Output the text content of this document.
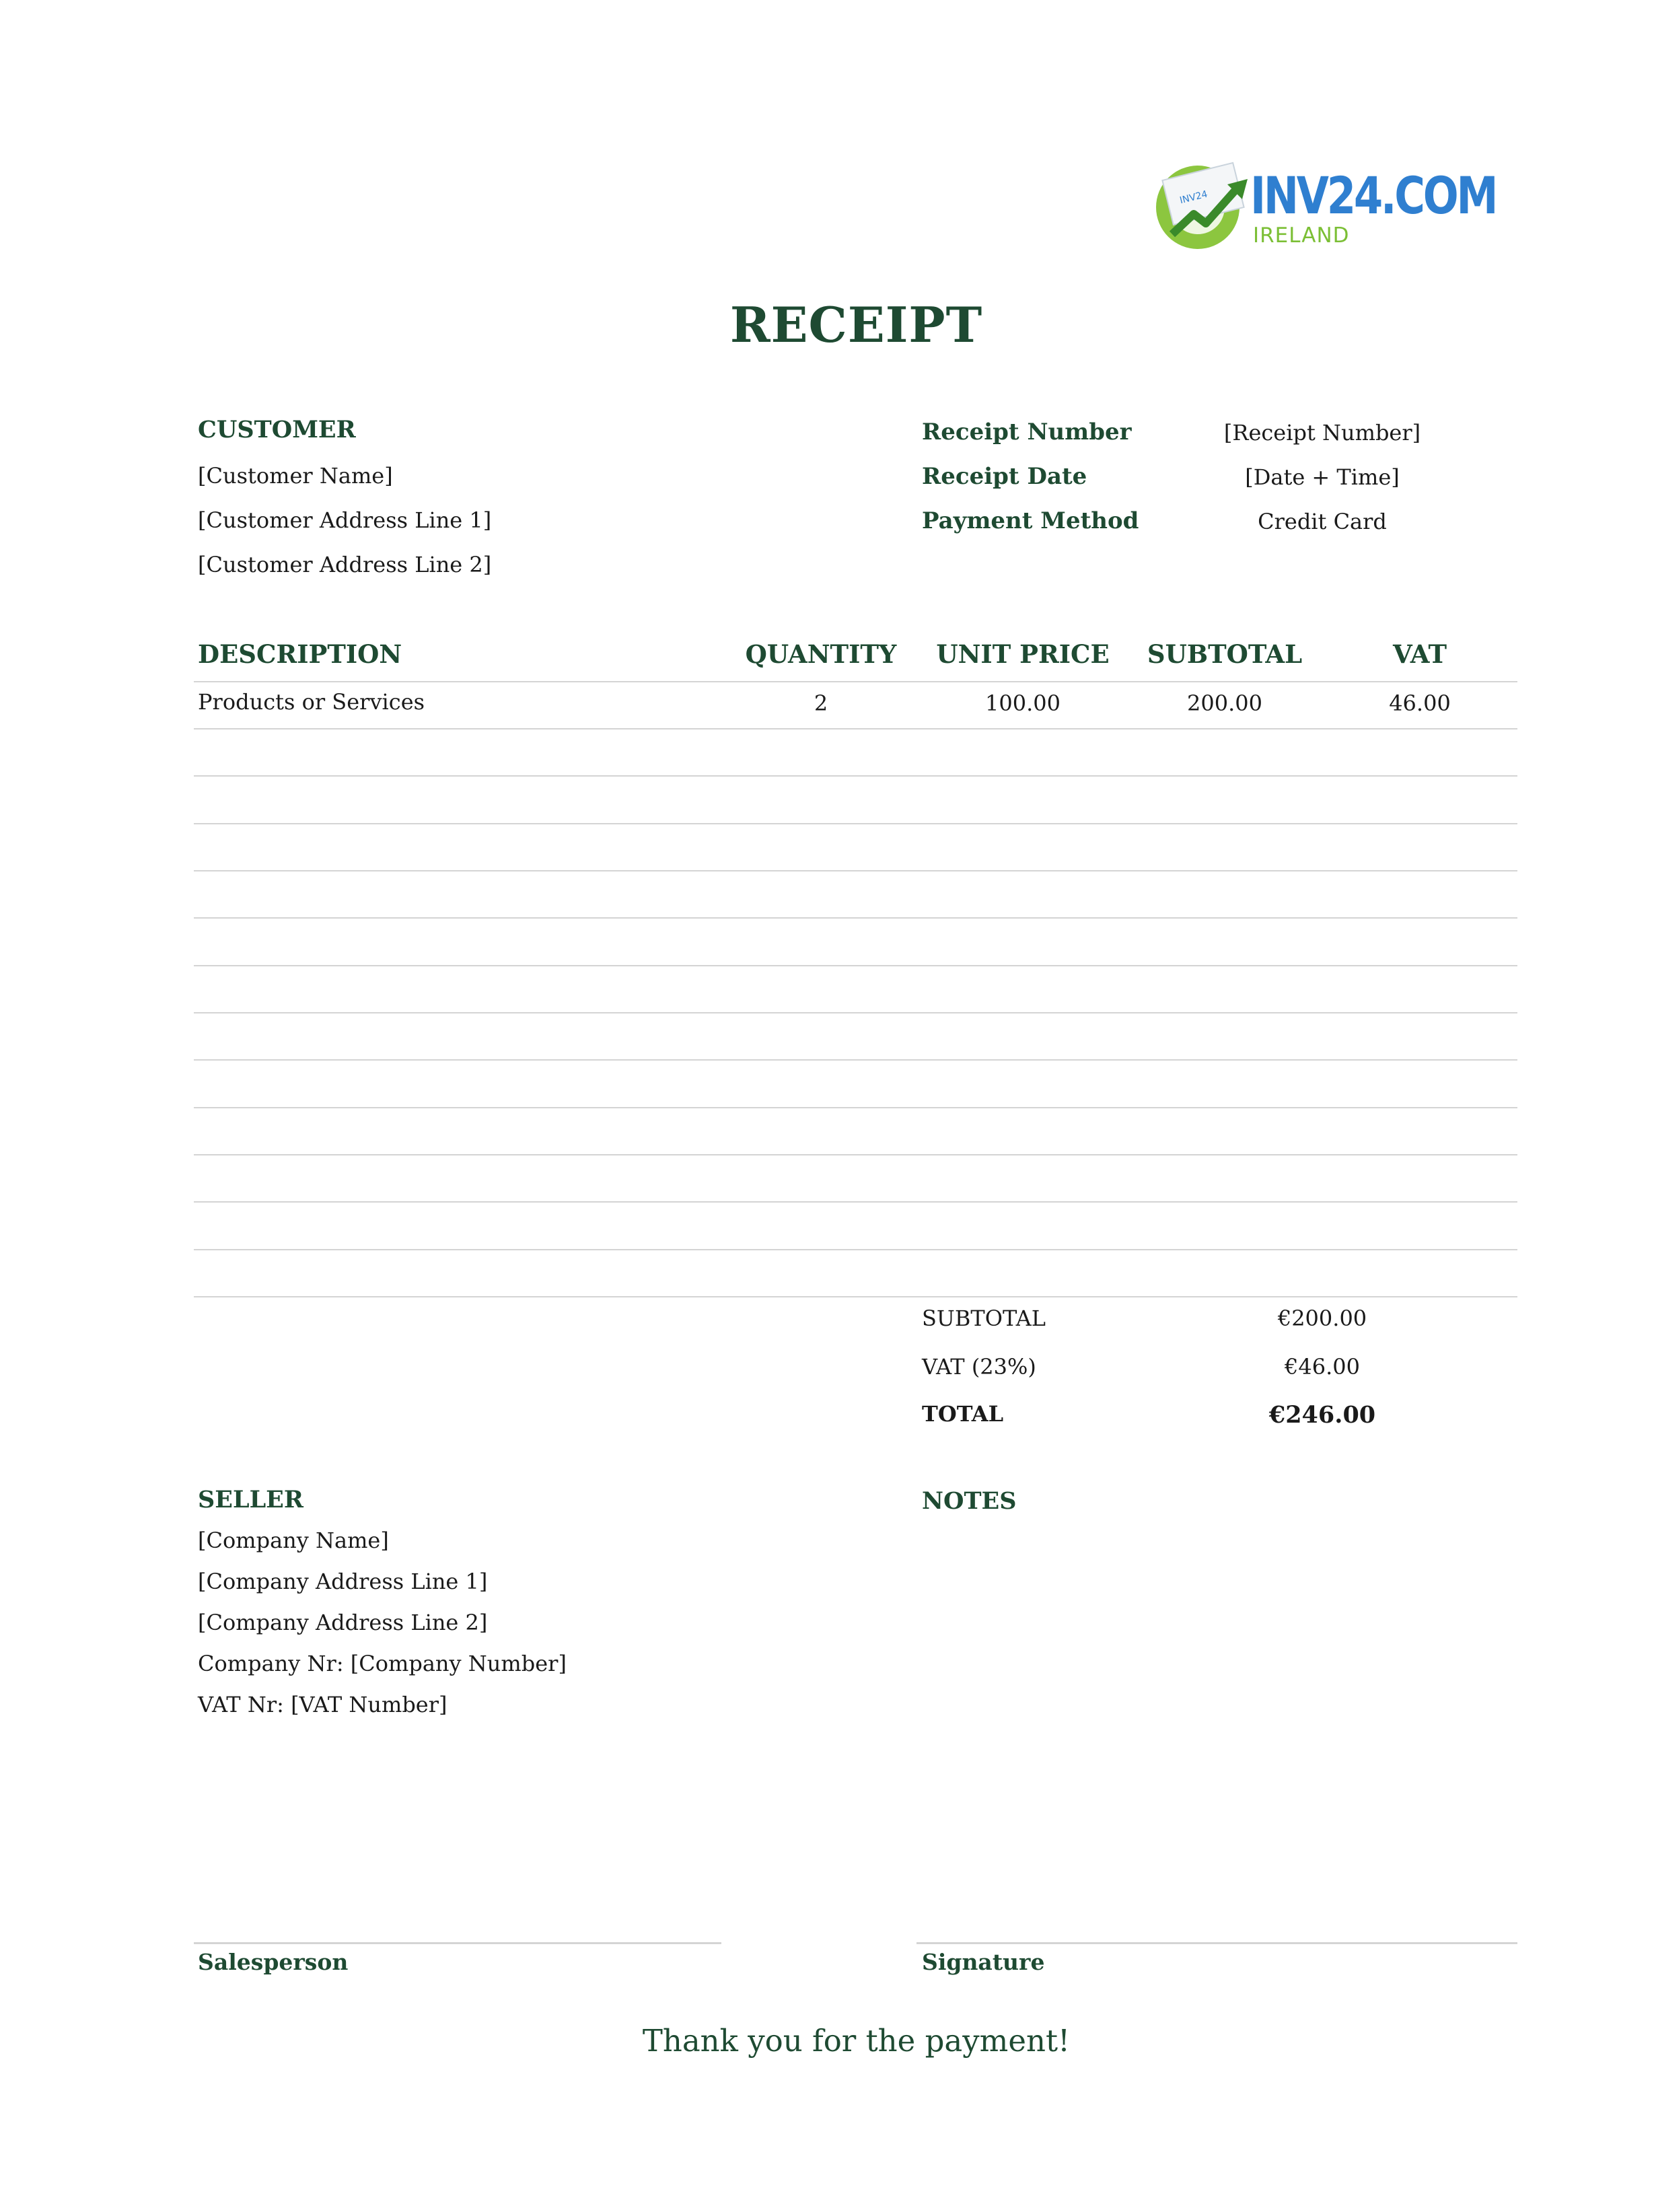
INV24 INV24.COM
IRELAND
RECEIPT
CUSTOMER
[Customer Name]
[Customer Address Line 1]
[Customer Address Line 2]
Receipt Number	[Receipt Number]
Receipt Date	[Date + Time]
Payment Method	Credit Card
DESCRIPTION	QUANTITY	UNIT PRICE	SUBTOTAL	VAT
Products or Services	2	100.00	200.00	46.00
SUBTOTAL	€200.00
VAT (23%)	€46.00
TOTAL	€246.00
SELLER
[Company Name]
[Company Address Line 1]
[Company Address Line 2]
Company Nr: [Company Number]
VAT Nr: [VAT Number]
NOTES
Salesperson	Signature
Thank you for the payment!
